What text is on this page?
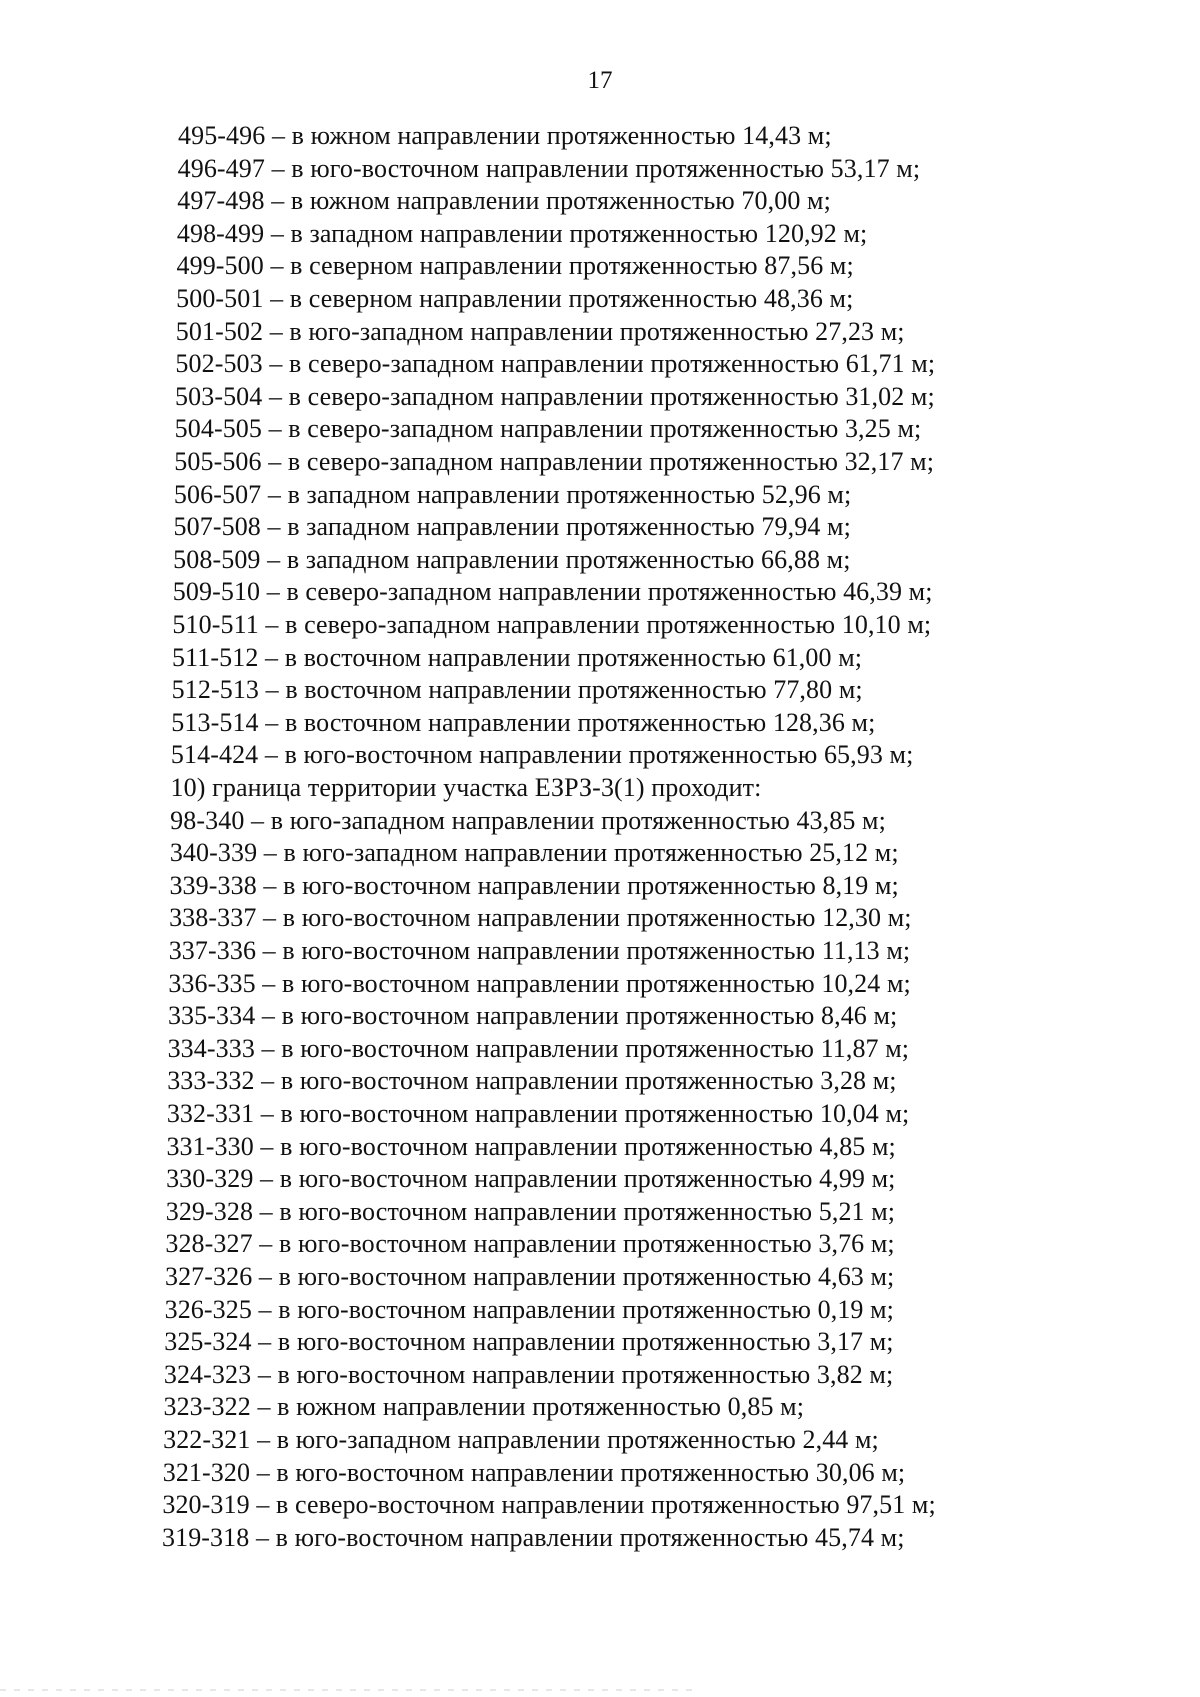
17
495-496 – в южном направлении протяженностью 14,43 м;
496-497 – в юго-восточном направлении протяженностью 53,17 м;
497-498 – в южном направлении протяженностью 70,00 м;
498-499 – в западном направлении протяженностью 120,92 м;
499-500 – в северном направлении протяженностью 87,56 м;
500-501 – в северном направлении протяженностью 48,36 м;
501-502 – в юго-западном направлении протяженностью 27,23 м;
502-503 – в северо-западном направлении протяженностью 61,71 м;
503-504 – в северо-западном направлении протяженностью 31,02 м;
504-505 – в северо-западном направлении протяженностью 3,25 м;
505-506 – в северо-западном направлении протяженностью 32,17 м;
506-507 – в западном направлении протяженностью 52,96 м;
507-508 – в западном направлении протяженностью 79,94 м;
508-509 – в западном направлении протяженностью 66,88 м;
509-510 – в северо-западном направлении протяженностью 46,39 м;
510-511 – в северо-западном направлении протяженностью 10,10 м;
511-512 – в восточном направлении протяженностью 61,00 м;
512-513 – в восточном направлении протяженностью 77,80 м;
513-514 – в восточном направлении протяженностью 128,36 м;
514-424 – в юго-восточном направлении протяженностью 65,93 м;
10) граница территории участка ЕЗРЗ-3(1) проходит:
98-340 – в юго-западном направлении протяженностью 43,85 м;
340-339 – в юго-западном направлении протяженностью 25,12 м;
339-338 – в юго-восточном направлении протяженностью 8,19 м;
338-337 – в юго-восточном направлении протяженностью 12,30 м;
337-336 – в юго-восточном направлении протяженностью 11,13 м;
336-335 – в юго-восточном направлении протяженностью 10,24 м;
335-334 – в юго-восточном направлении протяженностью 8,46 м;
334-333 – в юго-восточном направлении протяженностью 11,87 м;
333-332 – в юго-восточном направлении протяженностью 3,28 м;
332-331 – в юго-восточном направлении протяженностью 10,04 м;
331-330 – в юго-восточном направлении протяженностью 4,85 м;
330-329 – в юго-восточном направлении протяженностью 4,99 м;
329-328 – в юго-восточном направлении протяженностью 5,21 м;
328-327 – в юго-восточном направлении протяженностью 3,76 м;
327-326 – в юго-восточном направлении протяженностью 4,63 м;
326-325 – в юго-восточном направлении протяженностью 0,19 м;
325-324 – в юго-восточном направлении протяженностью 3,17 м;
324-323 – в юго-восточном направлении протяженностью 3,82 м;
323-322 – в южном направлении протяженностью 0,85 м;
322-321 – в юго-западном направлении протяженностью 2,44 м;
321-320 – в юго-восточном направлении протяженностью 30,06 м;
320-319 – в северо-восточном направлении протяженностью 97,51 м;
319-318 – в юго-восточном направлении протяженностью 45,74 м;
